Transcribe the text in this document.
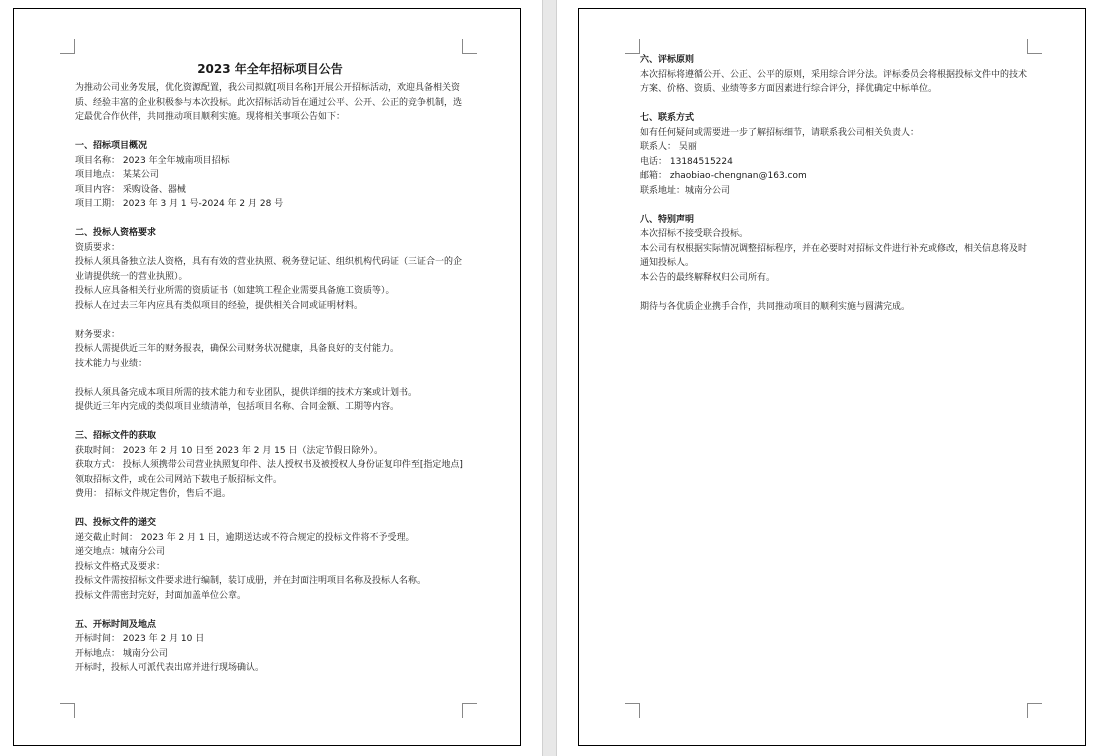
2023 年全年招标项目公告
为推动公司业务发展，优化资源配置，我公司拟就[项目名称]开展公开招标活动，欢迎具备相关资质、经验丰富的企业积极参与本次投标。此次招标活动旨在通过公平、公开、公正的竞争机制，选定最优合作伙伴，共同推动项目顺利实施。现将相关事项公告如下：
一、招标项目概况
项目名称： 2023 年全年城南项目招标
项目地点： 某某公司
项目内容： 采购设备、器械
项目工期： 2023 年 3 月 1 号-2024 年 2 月 28 号
二、投标人资格要求
资质要求：
投标人须具备独立法人资格，具有有效的营业执照、税务登记证、组织机构代码证（三证合一的企业请提供统一的营业执照）。
投标人应具备相关行业所需的资质证书（如建筑工程企业需要具备施工资质等）。
投标人在过去三年内应具有类似项目的经验，提供相关合同或证明材料。
财务要求：
投标人需提供近三年的财务报表，确保公司财务状况健康，具备良好的支付能力。
技术能力与业绩：
投标人须具备完成本项目所需的技术能力和专业团队，提供详细的技术方案或计划书。
提供近三年内完成的类似项目业绩清单，包括项目名称、合同金额、工期等内容。
三、招标文件的获取
获取时间： 2023 年 2 月 10 日至 2023 年 2 月 15 日（法定节假日除外）。
获取方式： 投标人须携带公司营业执照复印件、法人授权书及被授权人身份证复印件至[指定地点]领取招标文件，或在公司网站下载电子版招标文件。
费用： 招标文件规定售价，售后不退。
四、投标文件的递交
递交截止时间： 2023 年 2 月 1 日，逾期送达或不符合规定的投标文件将不予受理。
递交地点：城南分公司
投标文件格式及要求：
投标文件需按招标文件要求进行编制，装订成册，并在封面注明项目名称及投标人名称。
投标文件需密封完好，封面加盖单位公章。
五、开标时间及地点
开标时间： 2023 年 2 月 10 日
开标地点： 城南分公司
开标时，投标人可派代表出席并进行现场确认。
六、评标原则
本次招标将遵循公开、公正、公平的原则，采用综合评分法。评标委员会将根据投标文件中的技术方案、价格、资质、业绩等多方面因素进行综合评分，择优确定中标单位。
七、联系方式
如有任何疑问或需要进一步了解招标细节，请联系我公司相关负责人：
联系人： 吴丽
电话： 13184515224
邮箱： zhaobiao-chengnan@163.com
联系地址：城南分公司
八、特别声明
本次招标不接受联合投标。
本公司有权根据实际情况调整招标程序，并在必要时对招标文件进行补充或修改，相关信息将及时通知投标人。
本公告的最终解释权归公司所有。
期待与各优质企业携手合作，共同推动项目的顺利实施与圆满完成。
